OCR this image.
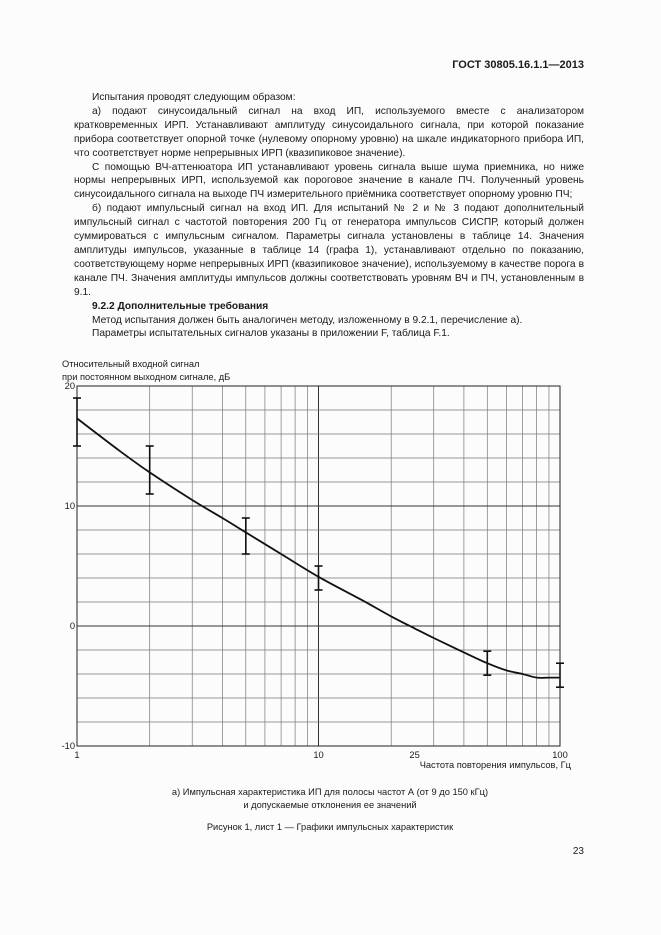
ГОСТ 30805.16.1.1—2013

Испытания проводят следующим образом:

а) подают синусоидальный сигнал на вход ИП, используемого вместе с анализатором кратковременных ИРП. Устанавливают амплитуду синусоидального сигнала, при которой показание прибора соответствует опорной точке (нулевому опорному уровню) на шкале индикаторного прибора ИП, что соответствует норме непрерывных ИРП (квазипиковое значение).

С помощью ВЧ-аттенюатора ИП устанавливают уровень сигнала выше шума приемника, но ниже нормы непрерывных ИРП, используемой как пороговое значение в канале ПЧ. Полученный уровень синусоидального сигнала на выходе ПЧ измерительного приёмника соответствует опорному уровню ПЧ;

б) подают импульсный сигнал на вход ИП. Для испытаний № 2 и № 3 подают дополнительный импульсный сигнал с частотой повторения 200 Гц от генератора импульсов СИСПР, который должен суммироваться с импульсным сигналом. Параметры сигнала установлены в таблице 14. Значения амплитуды импульсов, указанные в таблице 14 (графа 1), устанавливают отдельно по показанию, соответствующему норме непрерывных ИРП (квазипиковое значение), используемому в качестве порога в канале ПЧ. Значения амплитуды импульсов должны соответствовать уровням ВЧ и ПЧ, установленным в 9.1.

9.2.2 Дополнительные требования

Метод испытания должен быть аналогичен методу, изложенному в 9.2.1, перечисление а).

Параметры испытательных сигналов указаны в приложении F, таблица F.1.

Относительный входной сигнал
при постоянном выходном сигнале, дБ
20
10
0
-10
1	10	25	100
Частота повторения импульсов, Гц
а) Импульсная характеристика ИП для полосы частот А (от 9 до 150 кГц)
и допускаемые отклонения ее значений
Рисунок 1, лист 1 — Графики импульсных характеристик
23
